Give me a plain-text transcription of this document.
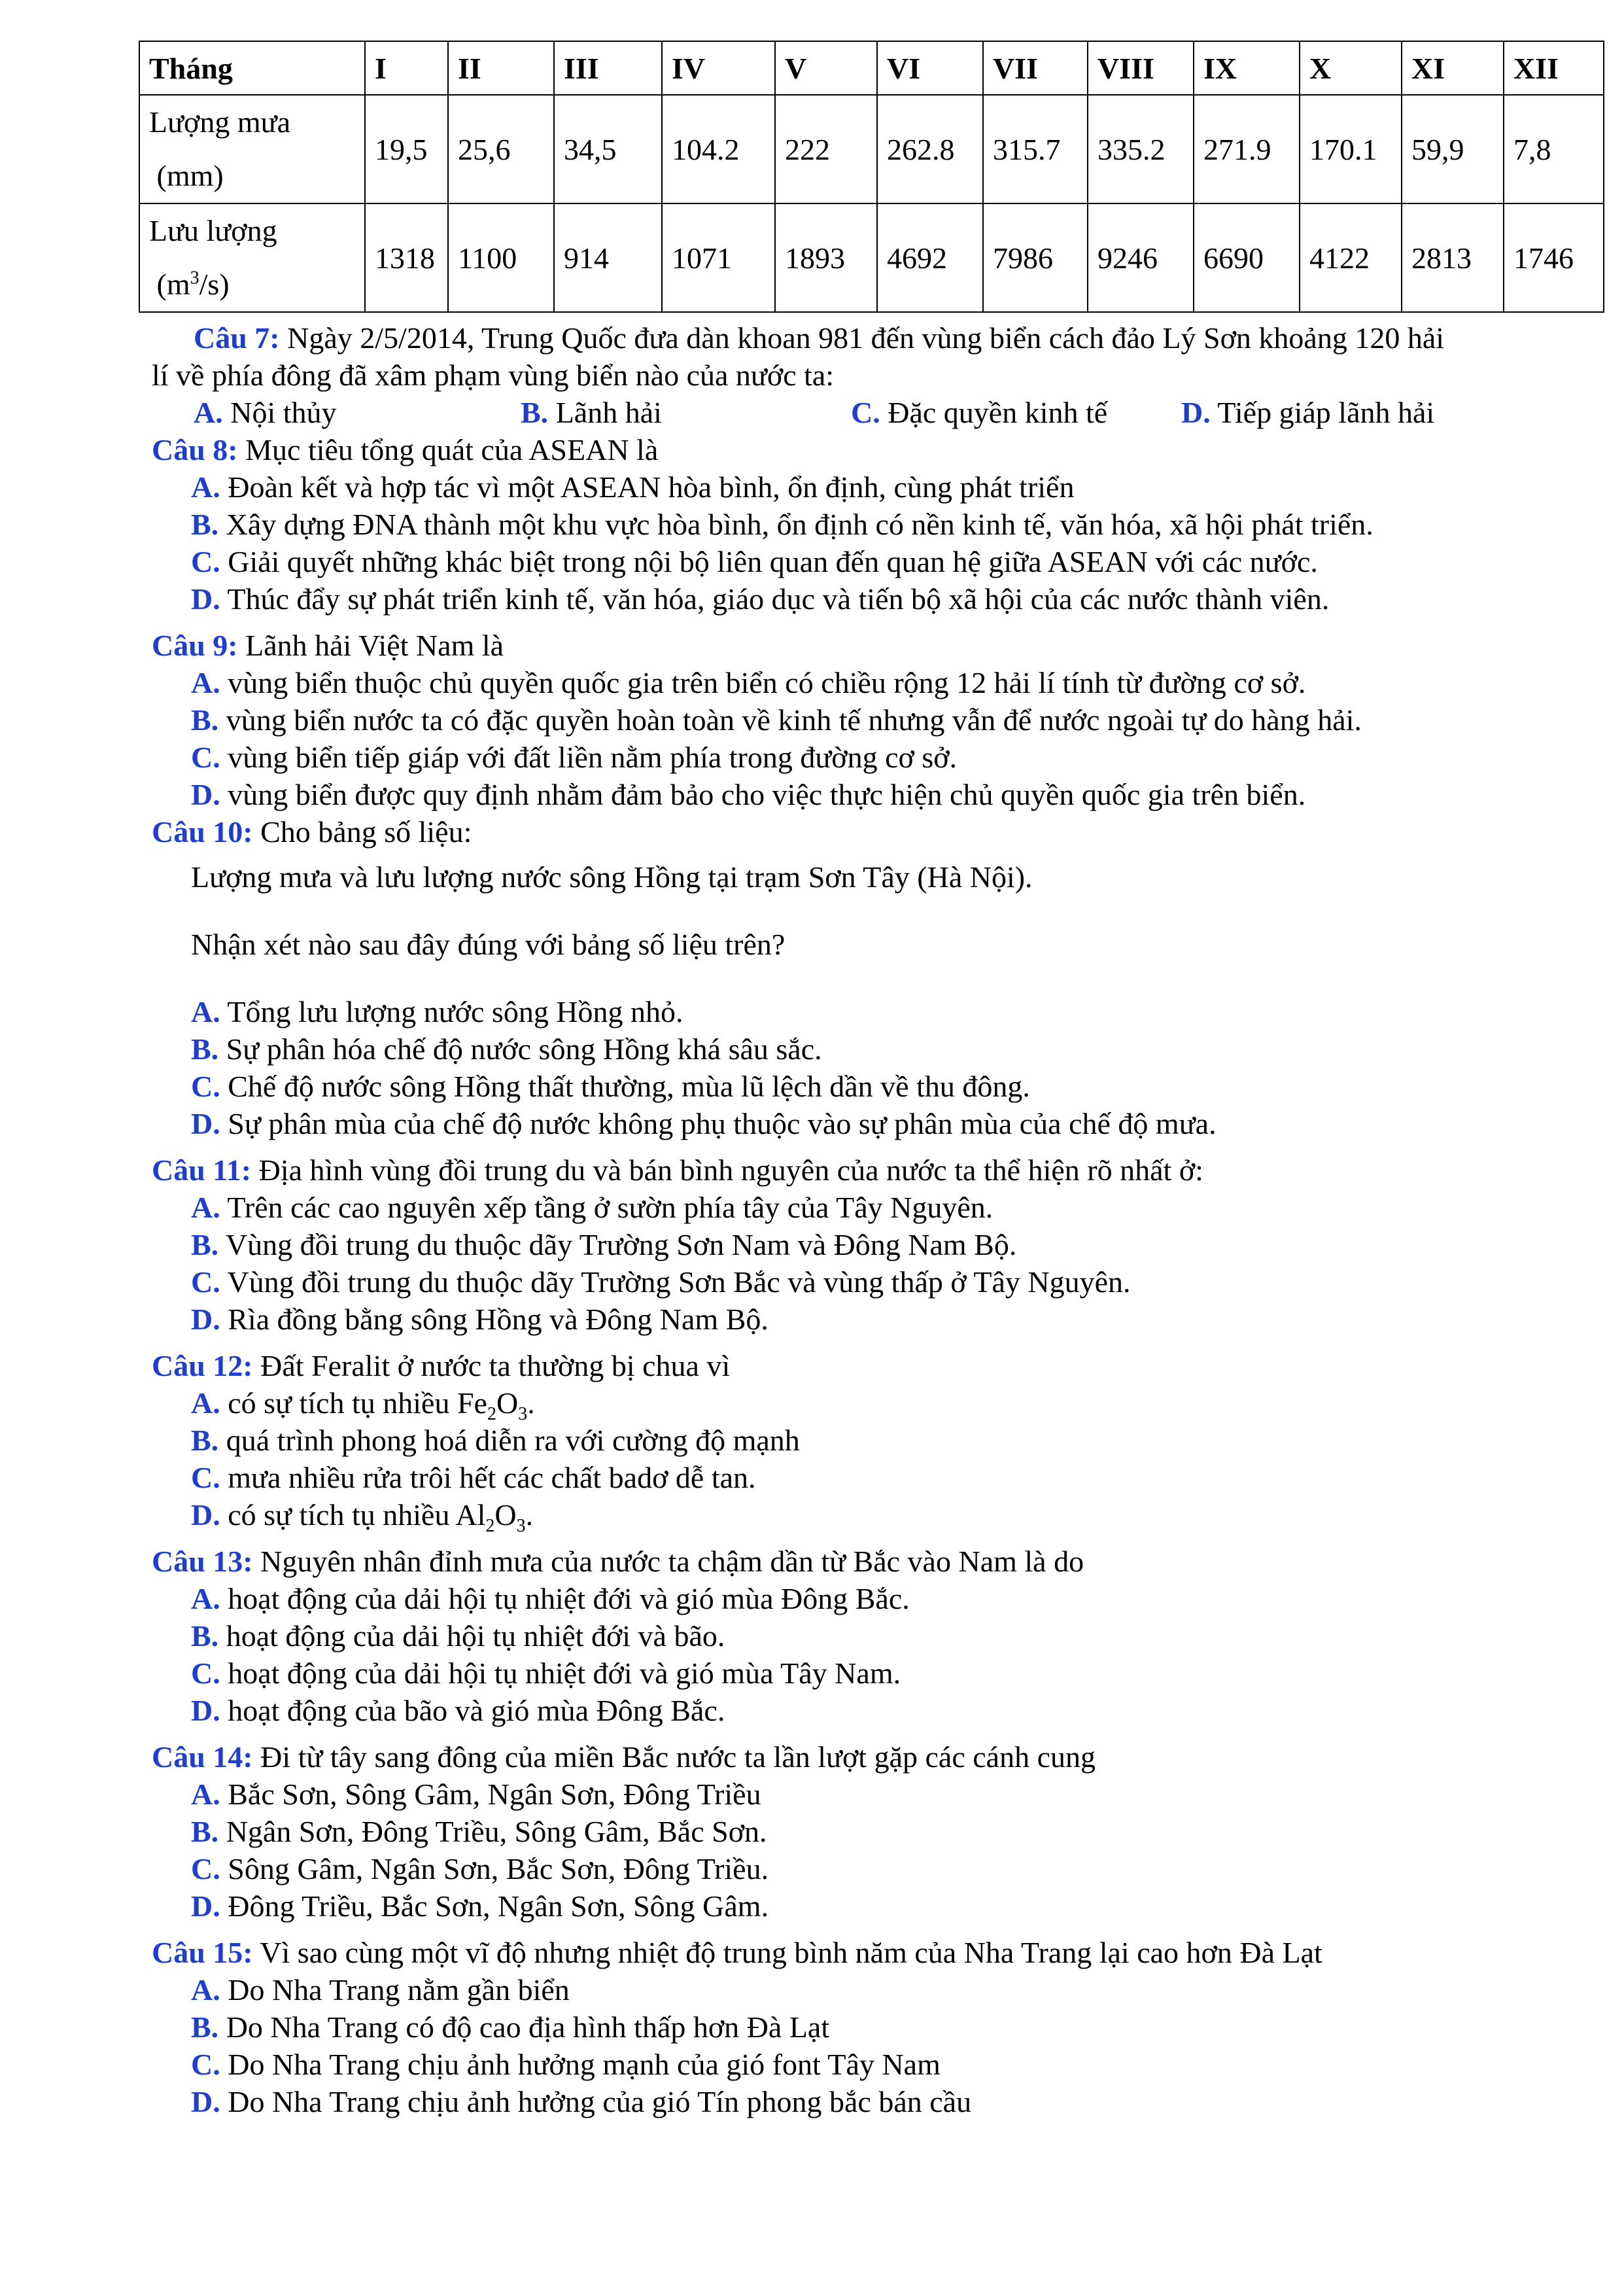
Tháng	I	II	III	IV	V	VI	VII	VIII	IX	X	XI	XII
Lượng mưa
(mm)	19,5	25,6	34,5	104.2	222	262.8	315.7	335.2	271.9	170.1	59,9	7,8
Lưu lượng
$(m^3/s)$	1318	1100	914	1071	1893	4692	7986	9246	6690	4122	2813	1746

Câu 7: Ngày 2/5/2014, Trung Quốc đưa dàn khoan 981 đến vùng biển cách đảo Lý Sơn khoảng 120 hải

lí về phía đông đã xâm phạm vùng biển nào của nước ta:

A. Nội thủy	B. Lãnh hải	C. Đặc quyền kinh tế	D. Tiếp giáp lãnh hải

Câu 8: Mục tiêu tổng quát của ASEAN là

A. Đoàn kết và hợp tác vì một ASEAN hòa bình, ổn định, cùng phát triển

B. Xây dựng ĐNA thành một khu vực hòa bình, ổn định có nền kinh tế, văn hóa, xã hội phát triển.

C. Giải quyết những khác biệt trong nội bộ liên quan đến quan hệ giữa ASEAN với các nước.

D. Thúc đẩy sự phát triển kinh tế, văn hóa, giáo dục và tiến bộ xã hội của các nước thành viên.

Câu 9: Lãnh hải Việt Nam là

A. vùng biển thuộc chủ quyền quốc gia trên biển có chiều rộng 12 hải lí tính từ đường cơ sở.

B. vùng biển nước ta có đặc quyền hoàn toàn về kinh tế nhưng vẫn để nước ngoài tự do hàng hải.

C. vùng biển tiếp giáp với đất liền nằm phía trong đường cơ sở.

D. vùng biển được quy định nhằm đảm bảo cho việc thực hiện chủ quyền quốc gia trên biển.

Câu 10: Cho bảng số liệu:

Lượng mưa và lưu lượng nước sông Hồng tại trạm Sơn Tây (Hà Nội).

Nhận xét nào sau đây đúng với bảng số liệu trên?

A. Tổng lưu lượng nước sông Hồng nhỏ.

B. Sự phân hóa chế độ nước sông Hồng khá sâu sắc.

C. Chế độ nước sông Hồng thất thường, mùa lũ lệch dần về thu đông.

D. Sự phân mùa của chế độ nước không phụ thuộc vào sự phân mùa của chế độ mưa.

Câu 11: Địa hình vùng đồi trung du và bán bình nguyên của nước ta thể hiện rõ nhất ở:

A. Trên các cao nguyên xếp tầng ở sườn phía tây của Tây Nguyên.

B. Vùng đồi trung du thuộc dãy Trường Sơn Nam và Đông Nam Bộ.

C. Vùng đồi trung du thuộc dãy Trường Sơn Bắc và vùng thấp ở Tây Nguyên.

D. Rìa đồng bằng sông Hồng và Đông Nam Bộ.

Câu 12: Đất Feralit ở nước ta thường bị chua vì

A. có sự tích tụ nhiều $Fe_2O_3$.

B. quá trình phong hoá diễn ra với cường độ mạnh

C. mưa nhiều rửa trôi hết các chất badơ dễ tan.

D. có sự tích tụ nhiều $Al_2O_3$.

Câu 13: Nguyên nhân đỉnh mưa của nước ta chậm dần từ Bắc vào Nam là do

A. hoạt động của dải hội tụ nhiệt đới và gió mùa Đông Bắc.

B. hoạt động của dải hội tụ nhiệt đới và bão.

C. hoạt động của dải hội tụ nhiệt đới và gió mùa Tây Nam.

D. hoạt động của bão và gió mùa Đông Bắc.

Câu 14: Đi từ tây sang đông của miền Bắc nước ta lần lượt gặp các cánh cung

A. Bắc Sơn, Sông Gâm, Ngân Sơn, Đông Triều

B. Ngân Sơn, Đông Triều, Sông Gâm, Bắc Sơn.

C. Sông Gâm, Ngân Sơn, Bắc Sơn, Đông Triều.

D. Đông Triều, Bắc Sơn, Ngân Sơn, Sông Gâm.

Câu 15: Vì sao cùng một vĩ độ nhưng nhiệt độ trung bình năm của Nha Trang lại cao hơn Đà Lạt

A. Do Nha Trang nằm gần biển

B. Do Nha Trang có độ cao địa hình thấp hơn Đà Lạt

C. Do Nha Trang chịu ảnh hưởng mạnh của gió font Tây Nam

D. Do Nha Trang chịu ảnh hưởng của gió Tín phong bắc bán cầu
